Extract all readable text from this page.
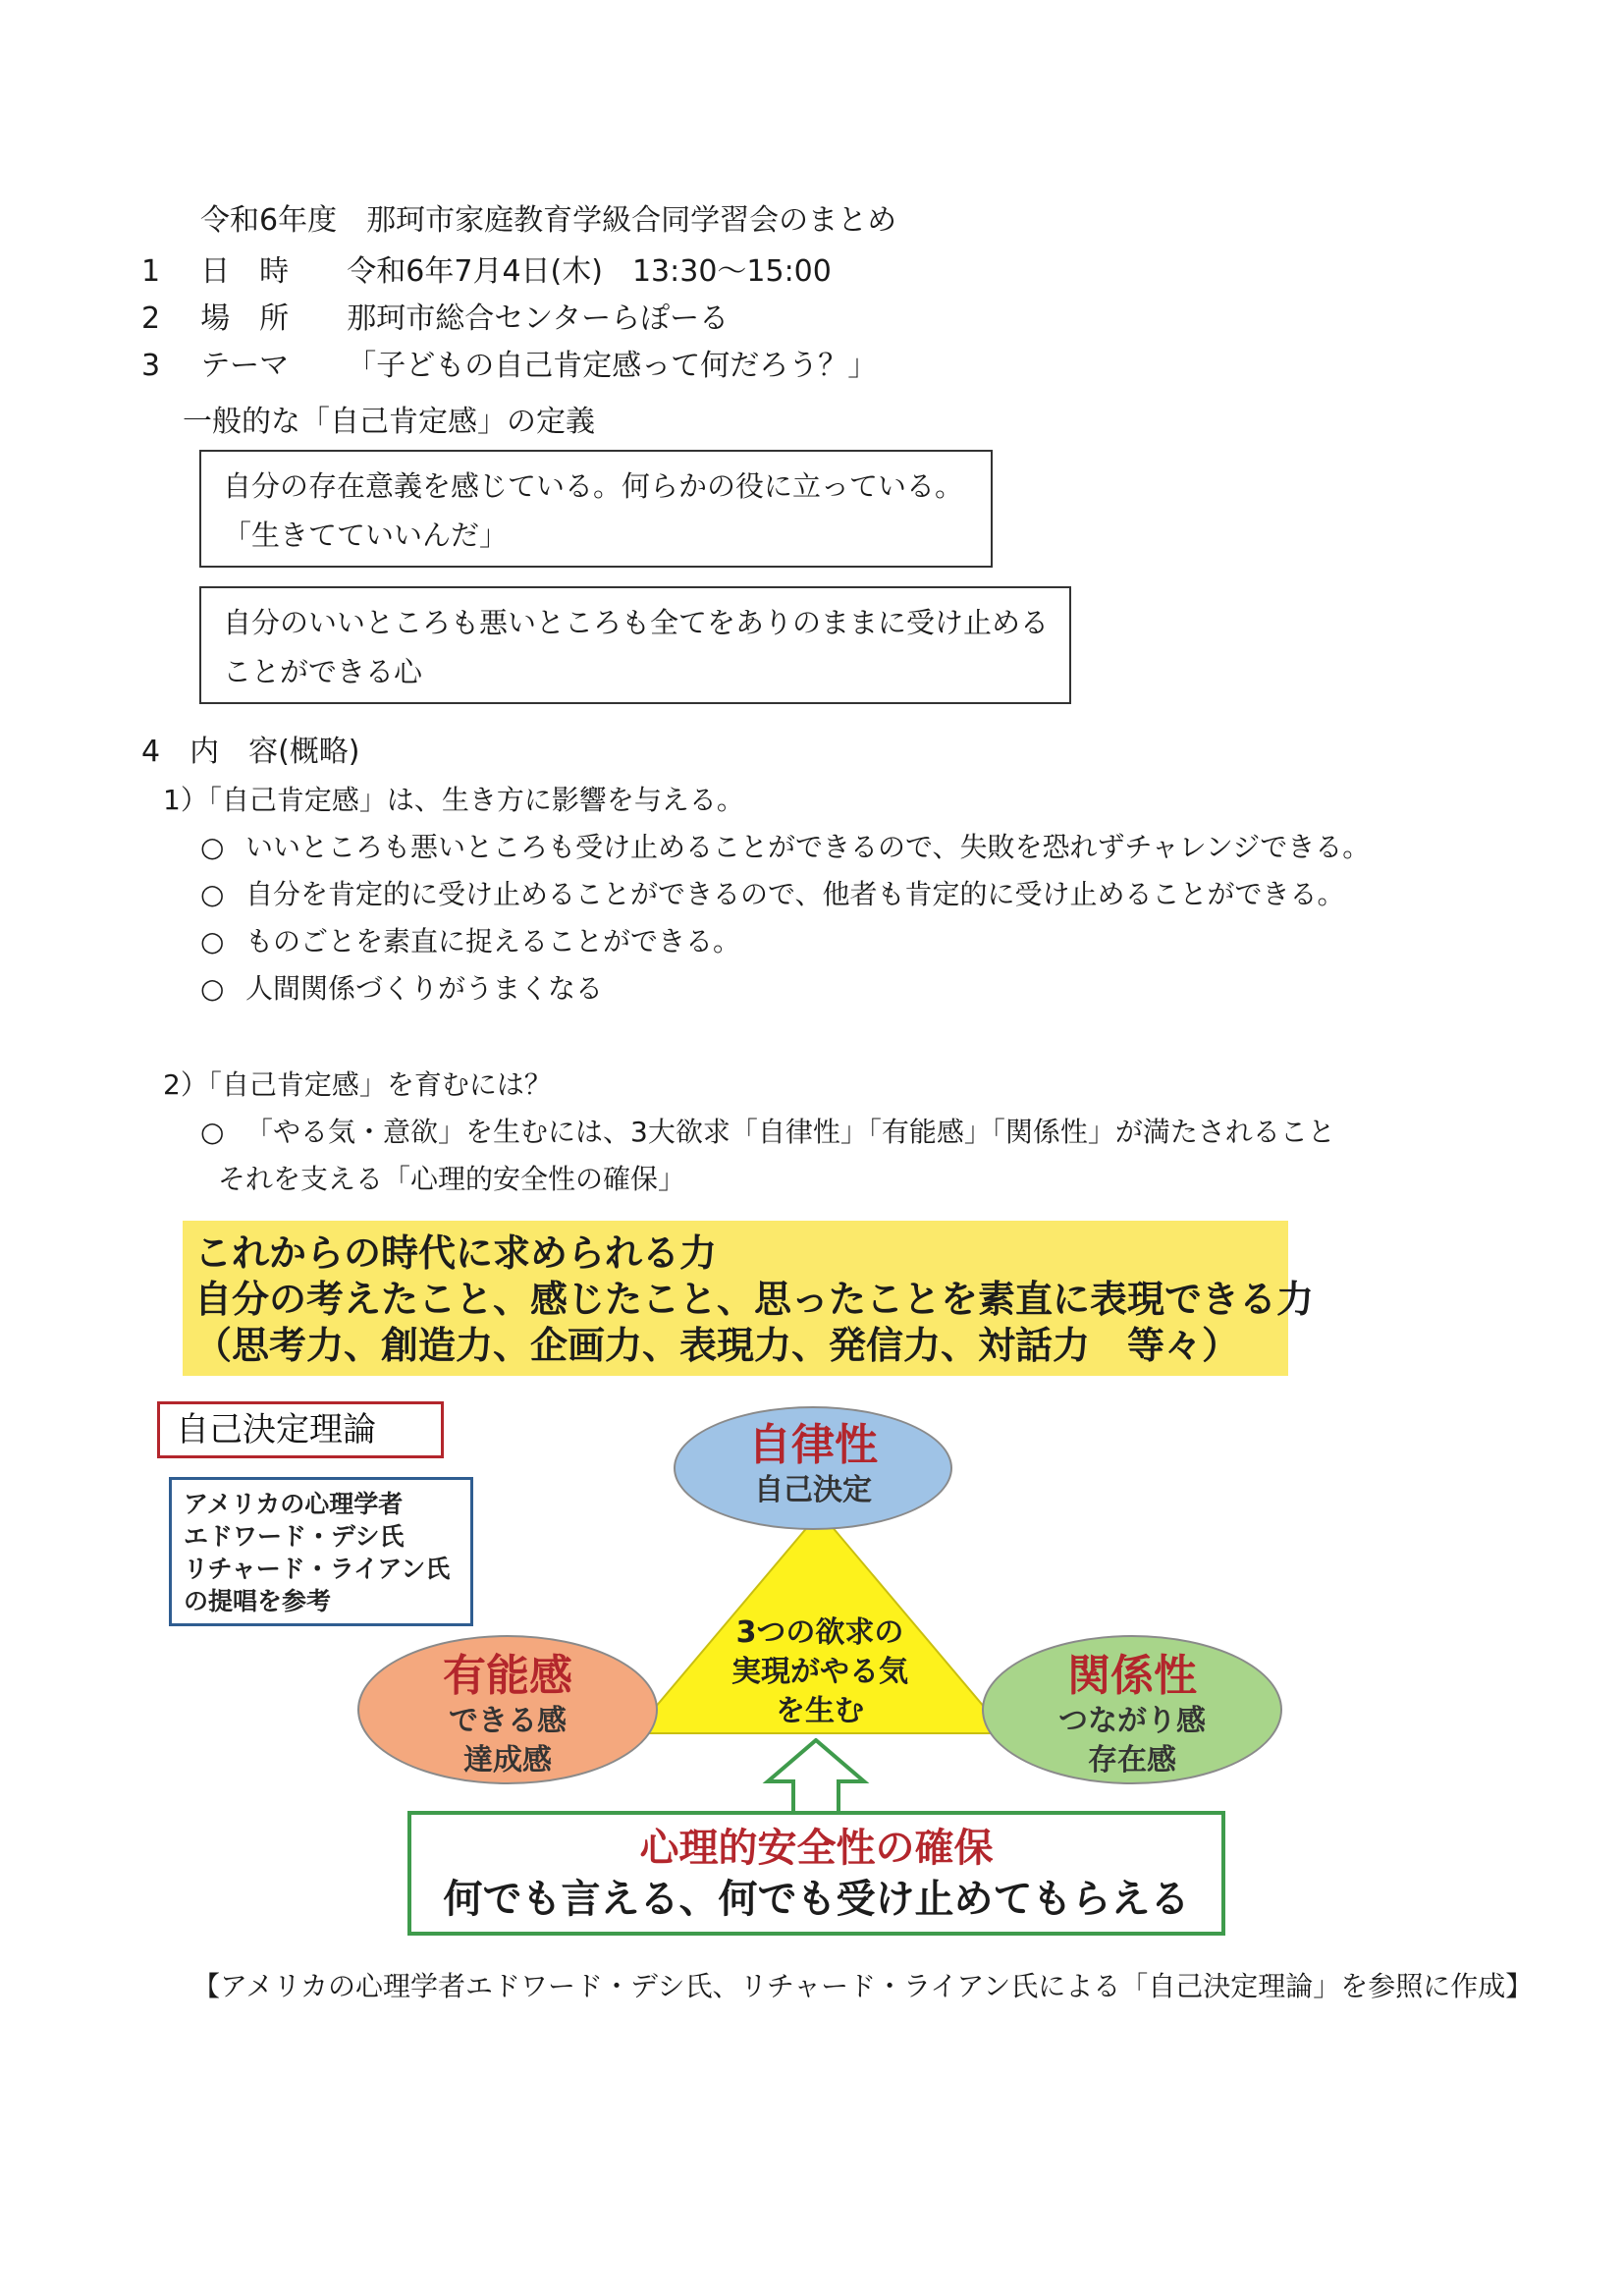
令和6年度　那珂市家庭教育学級合同学習会のまとめ
1 日　時 令和6年7月4日(木)　13:30～15:00
2 場　所 那珂市総合センターらぽーる
3 テーマ 「子どもの自己肯定感って何だろう？」
一般的な「自己肯定感」の定義
自分の存在意義を感じている。何らかの役に立っている。
「生きてていいんだ」
自分のいいところも悪いところも全てをありのままに受け止める
ことができる心
4　内　容(概略)
1）「自己肯定感」は、生き方に影響を与える。
○ いいところも悪いところも受け止めることができるので、失敗を恐れずチャレンジできる。
○ 自分を肯定的に受け止めることができるので、他者も肯定的に受け止めることができる。
○ ものごとを素直に捉えることができる。
○ 人間関係づくりがうまくなる
2）「自己肯定感」を育むには？
○ 「やる気・意欲」を生むには、3大欲求「自律性」「有能感」「関係性」が満たされること
それを支える「心理的安全性の確保」
これからの時代に求められる力
自分の考えたこと、感じたこと、思ったことを素直に表現できる力
（思考力、創造力、企画力、表現力、発信力、対話力　等々）
自己決定理論
アメリカの心理学者
エドワード・デシ氏
リチャード・ライアン氏
の提唱を参考
3つの欲求の
実現がやる気
を生む
自律性
自己決定
有能感
できる感
達成感
関係性
つながり感
存在感
心理的安全性の確保
何でも言える、何でも受け止めてもらえる
【アメリカの心理学者エドワード・デシ氏、リチャード・ライアン氏による「自己決定理論」を参照に作成】
